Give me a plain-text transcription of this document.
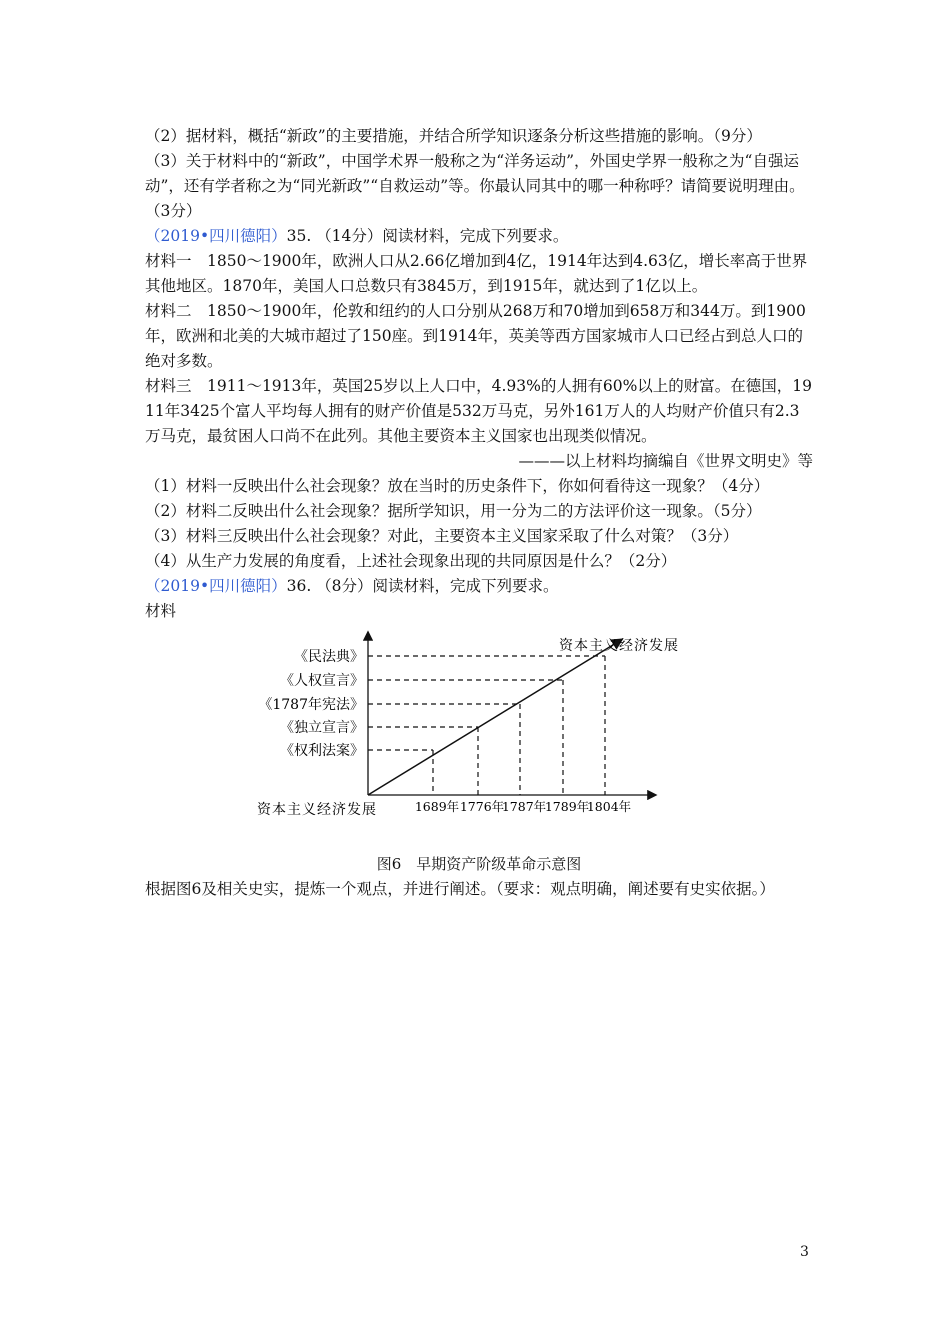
（2）据材料，概括“新政”的主要措施，并结合所学知识逐条分析这些措施的影响。（9分）

（3）关于材料中的“新政”，中国学术界一般称之为“洋务运动”，外国史学界一般称之为“自强运动”，还有学者称之为“同光新政”“自救运动”等。你最认同其中的哪一种称呼？请简要说明理由。（3分）

（2019•四川德阳）35. （14分）阅读材料，完成下列要求。

材料一　1850～1900年，欧洲人口从2.66亿增加到4亿，1914年达到4.63亿，增长率高于世界其他地区。1870年，美国人口总数只有3845万，到1915年，就达到了1亿以上。

材料二　1850～1900年，伦敦和纽约的人口分别从268万和70增加到658万和344万。到1900年，欧洲和北美的大城市超过了150座。到1914年，英美等西方国家城市人口已经占到总人口的绝对多数。

材料三　1911～1913年，英国25岁以上人口中，4.93%的人拥有60%以上的财富。在德国，1911年3425个富人平均每人拥有的财产价值是532万马克，另外161万人的人均财产价值只有2.3万马克，最贫困人口尚不在此列。其他主要资本主义国家也出现类似情况。

———以上材料均摘编自《世界文明史》等

（1）材料一反映出什么社会现象？放在当时的历史条件下，你如何看待这一现象？（4分）

（2）材料二反映出什么社会现象？据所学知识，用一分为二的方法评价这一现象。（5分）

（3）材料三反映出什么社会现象？对此，主要资本主义国家采取了什么对策？（3分）

（4）从生产力发展的角度看，上述社会现象出现的共同原因是什么？（2分）

（2019•四川德阳）36. （8分）阅读材料，完成下列要求。

材料

《权利法案》
《独立宣言》
《1787年宪法》
《人权宣言》
《民法典》
1689年 1776年
1787年
1789年
1804年
资本主义经济发展
资本主义经济发展

图6　早期资产阶级革命示意图

根据图6及相关史实，提炼一个观点，并进行阐述。（要求：观点明确，阐述要有史实依据。）

3
